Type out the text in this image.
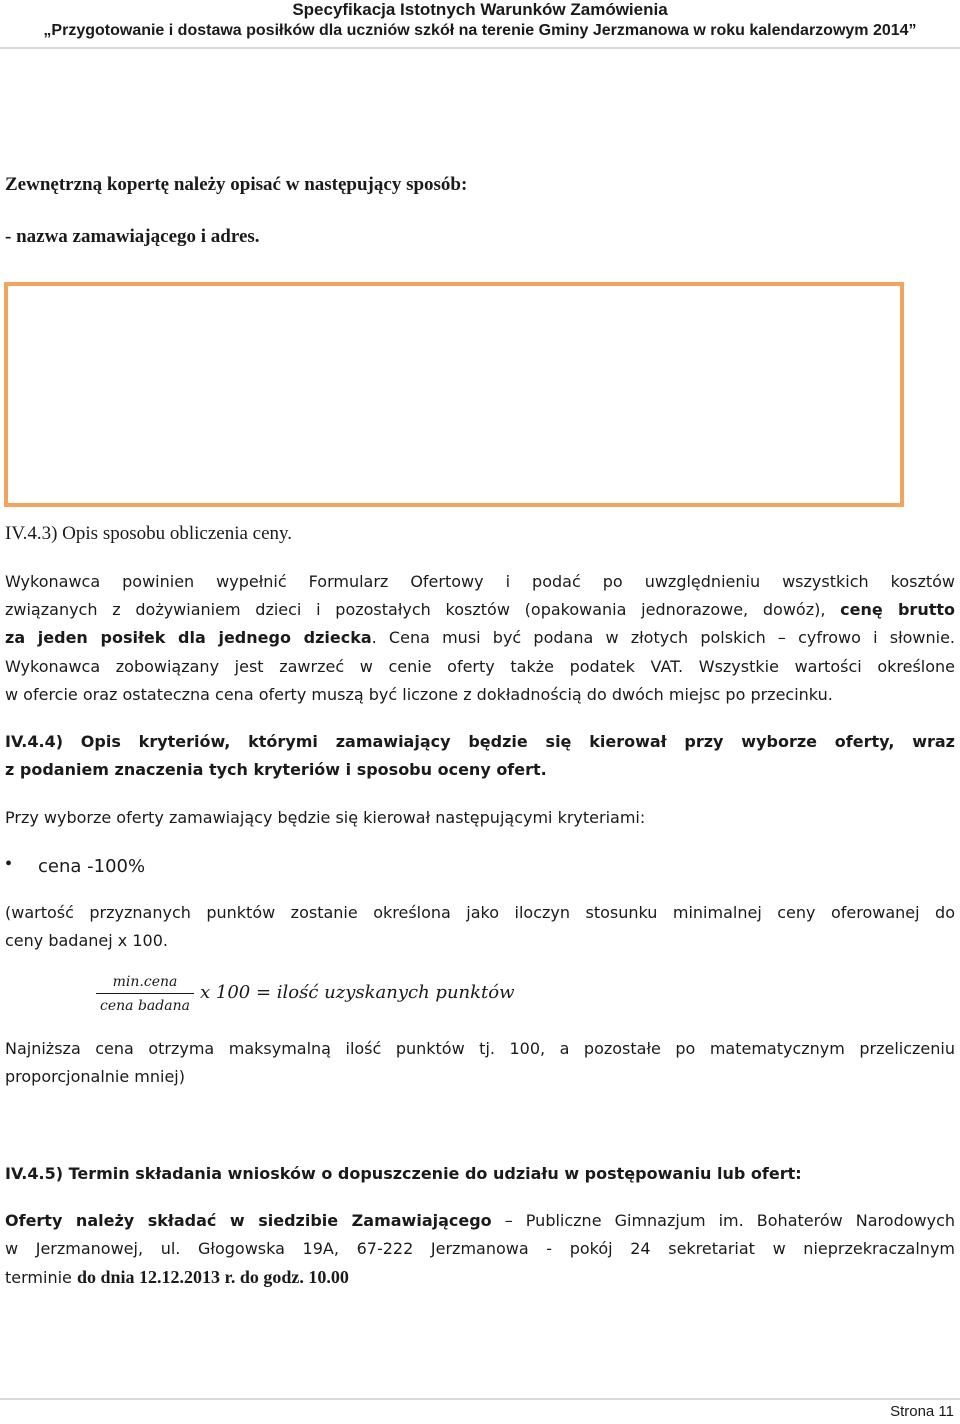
Specyfikacja Istotnych Warunków Zamówienia
„Przygotowanie i dostawa posiłków dla uczniów szkół na terenie Gminy Jerzmanowa w roku kalendarzowym 2014”

Zewnętrzną kopertę należy opisać w następujący sposób:

- nazwa zamawiającego i adres.

IV.4.3) Opis sposobu obliczenia ceny.

Wykonawca powinien wypełnić Formularz Ofertowy i podać po uwzględnieniu wszystkich kosztów

związanych z dożywianiem dzieci i pozostałych kosztów (opakowania jednorazowe, dowóz), cenę brutto

za jeden posiłek dla jednego dziecka. Cena musi być podana w złotych polskich – cyfrowo i słownie.

Wykonawca zobowiązany jest zawrzeć w cenie oferty także podatek VAT. Wszystkie wartości określone

w ofercie oraz ostateczna cena oferty muszą być liczone z dokładnością do dwóch miejsc po przecinku.

IV.4.4) Opis kryteriów, którymi zamawiający będzie się kierował przy wyborze oferty, wraz

z podaniem znaczenia tych kryteriów i sposobu oceny ofert.

Przy wyborze oferty zamawiający będzie się kierował następującymi kryteriami:

• cena -100%

(wartość przyznanych punktów zostanie określona jako iloczyn stosunku minimalnej ceny oferowanej do

ceny badanej x 100.

min.cena
cena badana
x 100 = ilość uzyskanych punktów

Najniższa cena otrzyma maksymalną ilość punktów tj. 100, a pozostałe po matematycznym przeliczeniu

proporcjonalnie mniej)

IV.4.5) Termin składania wniosków o dopuszczenie do udziału w postępowaniu lub ofert:

Oferty należy składać w siedzibie Zamawiającego – Publiczne Gimnazjum im. Bohaterów Narodowych

w Jerzmanowej, ul. Głogowska 19A, 67-222 Jerzmanowa - pokój 24 sekretariat w nieprzekraczalnym

terminie do dnia 12.12.2013 r. do godz. 10.00

Strona 11
